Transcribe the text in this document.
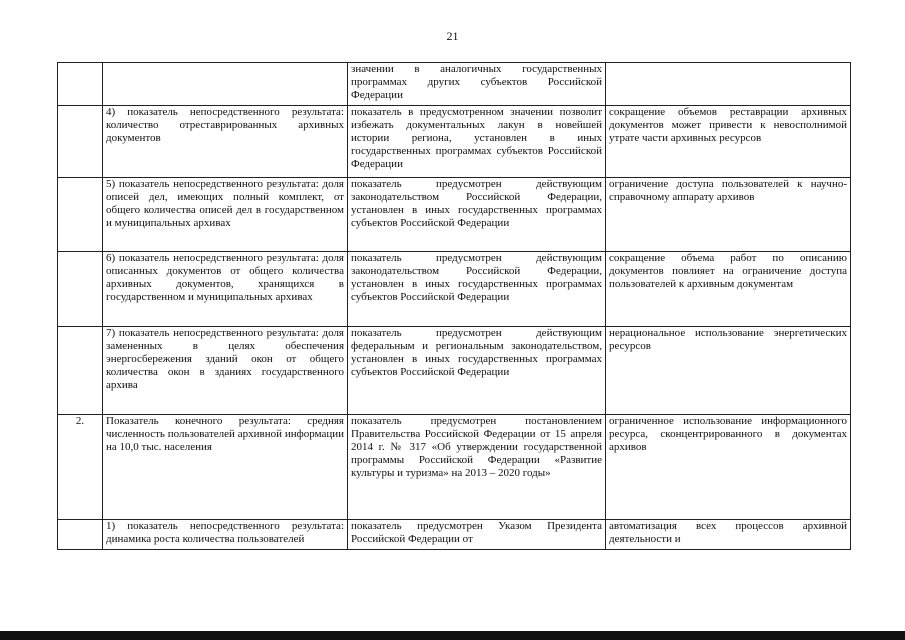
21
		значении в аналогичных государственных программах других субъектов Российской Федерации	
	4) показатель непосредственного результата: количество отреставрированных архивных документов	показатель в предусмотренном значении позволит избежать документальных лакун в новейшей истории региона, установлен в иных государственных программах субъектов Российской Федерации	сокращение объемов реставрации архивных документов может привести к невосполнимой утрате части архивных ресурсов
	5) показатель непосредственного результата: доля описей дел, имеющих полный комплект, от общего количества описей дел в государственном и муниципальных архивах	показатель предусмотрен действующим законодательством Российской Федерации, установлен в иных государственных программах субъектов Российской Федерации	ограничение доступа пользователей к научно-справочному аппарату архивов
	6) показатель непосредственного результата: доля описанных документов от общего количества архивных документов, хранящихся в государственном и муниципальных архивах	показатель предусмотрен действующим законодательством Российской Федерации, установлен в иных государственных программах субъектов Российской Федерации	сокращение объема работ по описанию документов повлияет на ограничение доступа пользователей к архивным документам
	7) показатель непосредственного результата: доля замененных в целях обеспечения энергосбережения зданий окон от общего количества окон в зданиях государственного архива	показатель предусмотрен действующим федеральным и региональным законодательством, установлен в иных государственных программах субъектов Российской Федерации	нерациональное использование энергетических ресурсов
2.	Показатель конечного результата: средняя численность пользователей архивной информации на 10,0 тыс. населения	показатель предусмотрен постановлением Правительства Российской Федерации от 15 апреля 2014 г. № 317 «Об утверждении государственной программы Российской Федерации «Развитие культуры и туризма» на 2013 – 2020 годы»	ограниченное использование информационного ресурса, сконцентрированного в документах архивов
	1) показатель непосредственного результата: динамика роста количества пользователей	показатель предусмотрен Указом Президента Российской Федерации от	автоматизация всех процессов архивной деятельности и
